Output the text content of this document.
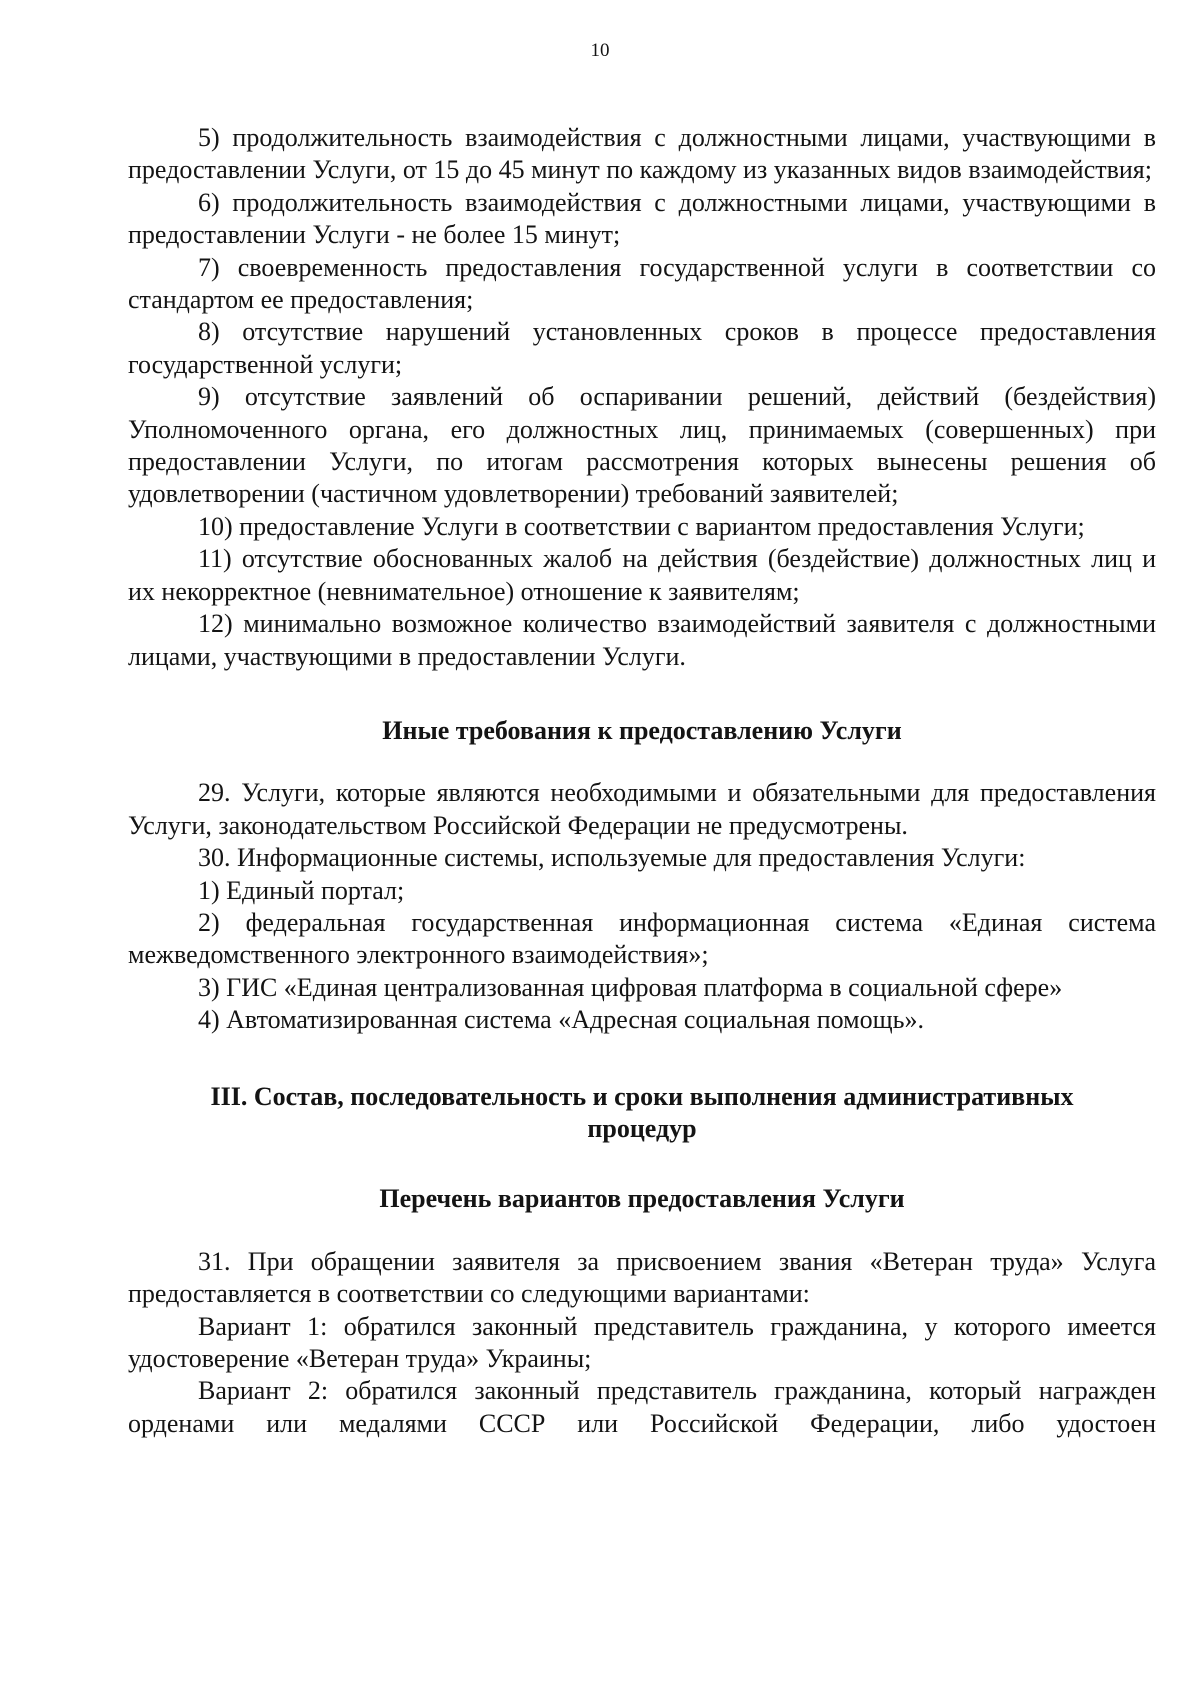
10

5) продолжительность взаимодействия с должностными лицами, участвующими в предоставлении Услуги, от 15 до 45 минут по каждому из указанных видов взаимодействия;

6) продолжительность взаимодействия с должностными лицами, участвующими в предоставлении Услуги - не более 15 минут;

7) своевременность предоставления государственной услуги в соответствии со стандартом ее предоставления;

8) отсутствие нарушений установленных сроков в процессе предоставления государственной услуги;

9) отсутствие заявлений об оспаривании решений, действий (бездействия) Уполномоченного органа, его должностных лиц, принимаемых (совершенных) при предоставлении Услуги, по итогам рассмотрения которых вынесены решения об удовлетворении (частичном удовлетворении) требований заявителей;

10) предоставление Услуги в соответствии с вариантом предоставления Услуги;

11) отсутствие обоснованных жалоб на действия (бездействие) должностных лиц и их некорректное (невнимательное) отношение к заявителям;

12) минимально возможное количество взаимодействий заявителя с должностными лицами, участвующими в предоставлении Услуги.

Иные требования к предоставлению Услуги

29. Услуги, которые являются необходимыми и обязательными для предоставления Услуги, законодательством Российской Федерации не предусмотрены.

30. Информационные системы, используемые для предоставления Услуги:

1) Единый портал;

2) федеральная государственная информационная система «Единая система межведомственного электронного взаимодействия»;

3) ГИС «Единая централизованная цифровая платформа в социальной сфере»

4) Автоматизированная система «Адресная социальная помощь».

III. Состав, последовательность и сроки выполнения административных
процедур
Перечень вариантов предоставления Услуги

31. При обращении заявителя за присвоением звания «Ветеран труда» Услуга предоставляется в соответствии со следующими вариантами:

Вариант 1: обратился законный представитель гражданина, у которого имеется удостоверение «Ветеран труда» Украины;

Вариант 2: обратился законный представитель гражданина, который награжден орденами или медалями СССР или Российской Федерации, либо удостоен
